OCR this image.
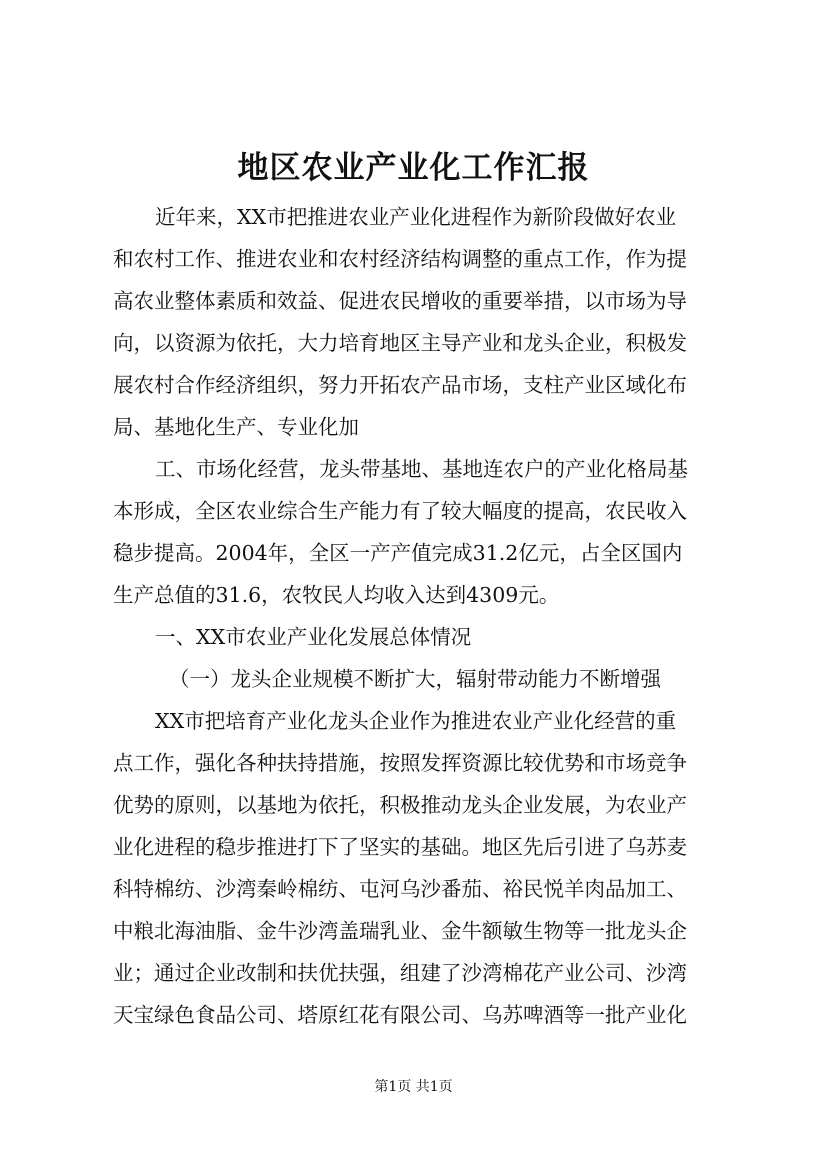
地区农业产业化工作汇报
近年来，XX市把推进农业产业化进程作为新阶段做好农业
和农村工作、推进农业和农村经济结构调整的重点工作，作为提
高农业整体素质和效益、促进农民增收的重要举措，以市场为导
向，以资源为依托，大力培育地区主导产业和龙头企业，积极发
展农村合作经济组织，努力开拓农产品市场，支柱产业区域化布
局、基地化生产、专业化加
工、市场化经营，龙头带基地、基地连农户的产业化格局基
本形成，全区农业综合生产能力有了较大幅度的提高，农民收入
稳步提高。2004年，全区一产产值完成31.2亿元，占全区国内
生产总值的31.6，农牧民人均收入达到4309元。
一、XX市农业产业化发展总体情况
（一）龙头企业规模不断扩大，辐射带动能力不断增强
XX市把培育产业化龙头企业作为推进农业产业化经营的重
点工作，强化各种扶持措施，按照发挥资源比较优势和市场竞争
优势的原则，以基地为依托，积极推动龙头企业发展，为农业产
业化进程的稳步推进打下了坚实的基础。地区先后引进了乌苏麦
科特棉纺、沙湾秦岭棉纺、屯河乌沙番茄、裕民悦羊肉品加工、
中粮北海油脂、金牛沙湾盖瑞乳业、金牛额敏生物等一批龙头企
业；通过企业改制和扶优扶强，组建了沙湾棉花产业公司、沙湾
天宝绿色食品公司、塔原红花有限公司、乌苏啤酒等一批产业化
第1页 共1页
